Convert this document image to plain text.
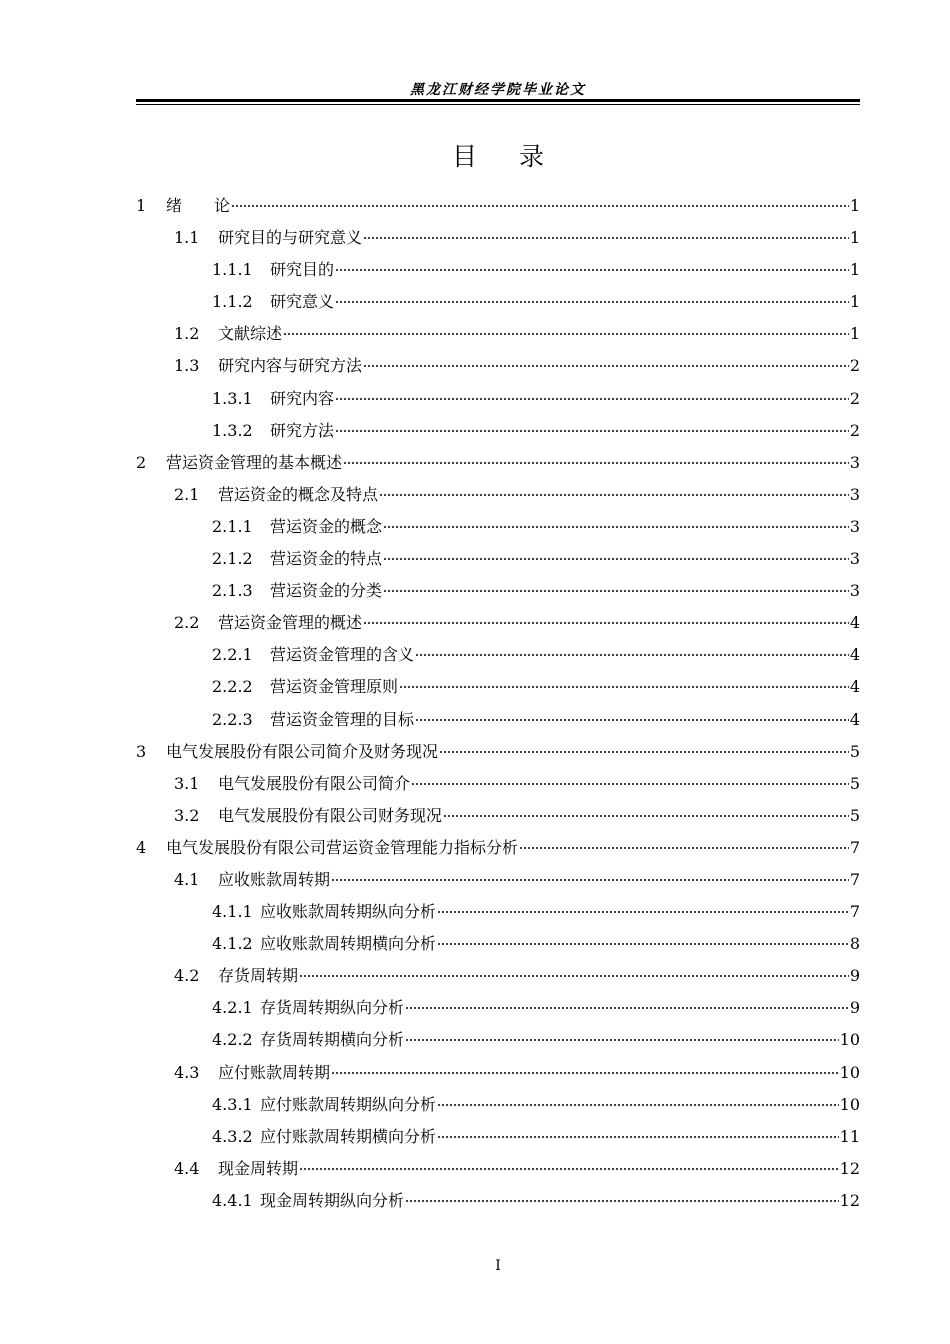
黑龙江财经学院毕业论文
目录
1	绪　　论	1
1.1	研究目的与研究意义	1
1.1.1	研究目的	1
1.1.2	研究意义	1
1.2	文献综述	1
1.3	研究内容与研究方法	2
1.3.1	研究内容	2
1.3.2	研究方法	2
2	营运资金管理的基本概述	3
2.1	营运资金的概念及特点	3
2.1.1	营运资金的概念	3
2.1.2	营运资金的特点	3
2.1.3	营运资金的分类	3
2.2	营运资金管理的概述	4
2.2.1	营运资金管理的含义	4
2.2.2	营运资金管理原则	4
2.2.3	营运资金管理的目标	4
3	电气发展股份有限公司简介及财务现况	5
3.1	电气发展股份有限公司简介	5
3.2	电气发展股份有限公司财务现况	5
4	电气发展股份有限公司营运资金管理能力指标分析	7
4.1	应收账款周转期	7
4.1.1 应收账款周转期纵向分析	7
4.1.2 应收账款周转期横向分析	8
4.2	存货周转期	9
4.2.1 存货周转期纵向分析	9
4.2.2 存货周转期横向分析	10
4.3	应付账款周转期	10
4.3.1 应付账款周转期纵向分析	10
4.3.2 应付账款周转期横向分析	11
4.4	现金周转期	12
4.4.1 现金周转期纵向分析	12
I
